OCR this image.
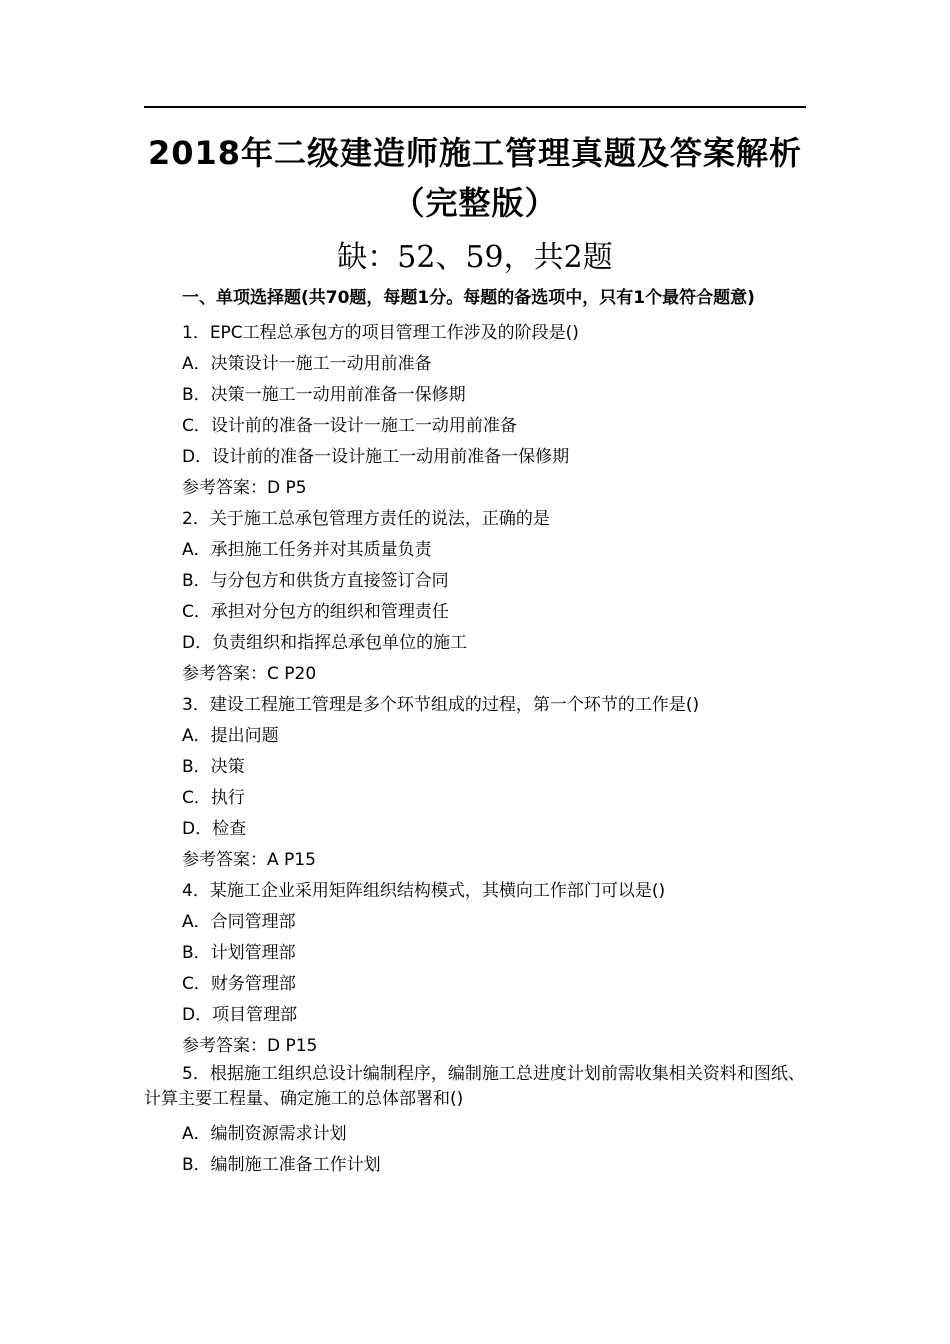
2018年二级建造师施工管理真题及答案解析（完整版）
缺：52、59，共2题

一、单项选择题(共70题，每题1分。每题的备选项中，只有1个最符合题意)

1．EPC工程总承包方的项目管理工作涉及的阶段是()

A．决策设计一施工一动用前准备

B．决策一施工一动用前准备一保修期

C．设计前的准备一设计一施工一动用前准备

D．设计前的准备一设计施工一动用前准备一保修期

参考答案：D P5

2．关于施工总承包管理方责任的说法，正确的是

A．承担施工任务并对其质量负责

B．与分包方和供货方直接签订合同

C．承担对分包方的组织和管理责任

D．负责组织和指挥总承包单位的施工

参考答案：C P20

3．建设工程施工管理是多个环节组成的过程，第一个环节的工作是()

A．提出问题

B．决策

C．执行

D．检查

参考答案：A P15

4．某施工企业采用矩阵组织结构模式，其横向工作部门可以是()

A．合同管理部

B．计划管理部

C．财务管理部

D．项目管理部

参考答案：D P15

5．根据施工组织总设计编制程序，编制施工总进度计划前需收集相关资料和图纸、计算主要工程量、确定施工的总体部署和()

A．编制资源需求计划

B．编制施工准备工作计划
